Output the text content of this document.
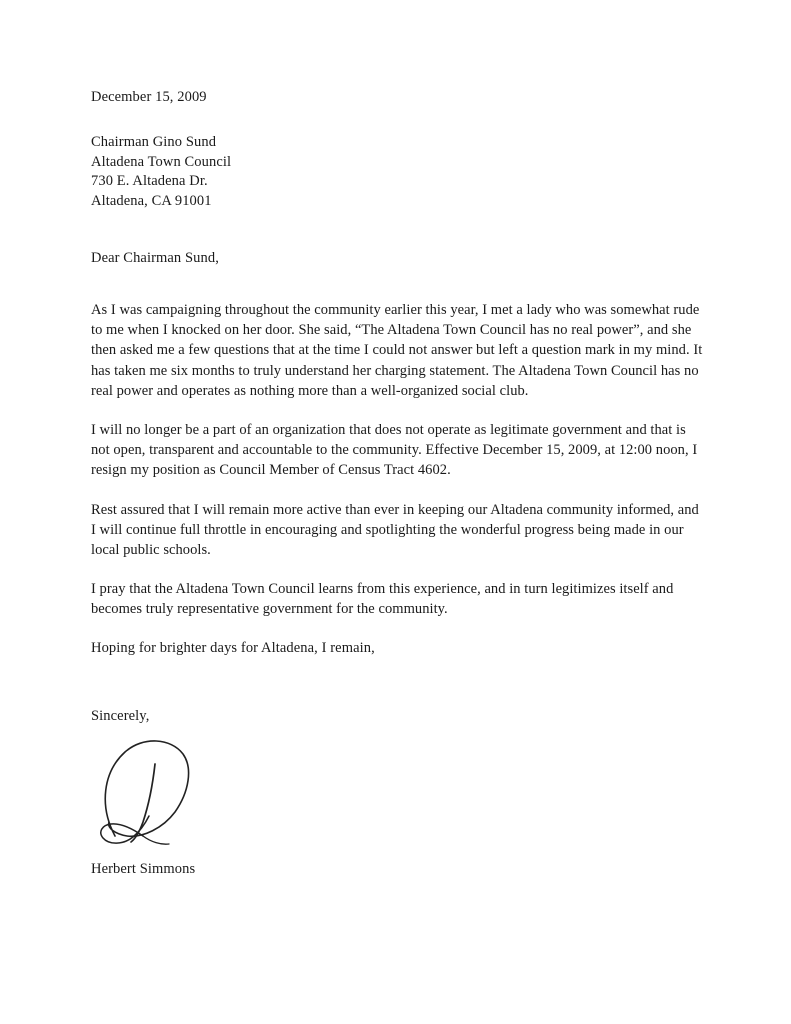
December 15, 2009
Chairman Gino Sund
Altadena Town Council
730 E. Altadena Dr.
Altadena, CA 91001
Dear Chairman Sund,

As I was campaigning throughout the community earlier this year, I met a lady who was somewhat rude to me when I knocked on her door. She said, “The Altadena Town Council has no real power”, and she then asked me a few questions that at the time I could not answer but left a question mark in my mind. It has taken me six months to truly understand her charging statement. The Altadena Town Council has no real power and operates as nothing more than a well-organized social club.

I will no longer be a part of an organization that does not operate as legitimate government and that is not open, transparent and accountable to the community. Effective December 15, 2009, at 12:00 noon, I resign my position as Council Member of Census Tract 4602.

Rest assured that I will remain more active than ever in keeping our Altadena community informed, and I will continue full throttle in encouraging and spotlighting the wonderful progress being made in our local public schools.

I pray that the Altadena Town Council learns from this experience, and in turn legitimizes itself and becomes truly representative government for the community.

Hoping for brighter days for Altadena, I remain,
Sincerely,
Herbert Simmons
